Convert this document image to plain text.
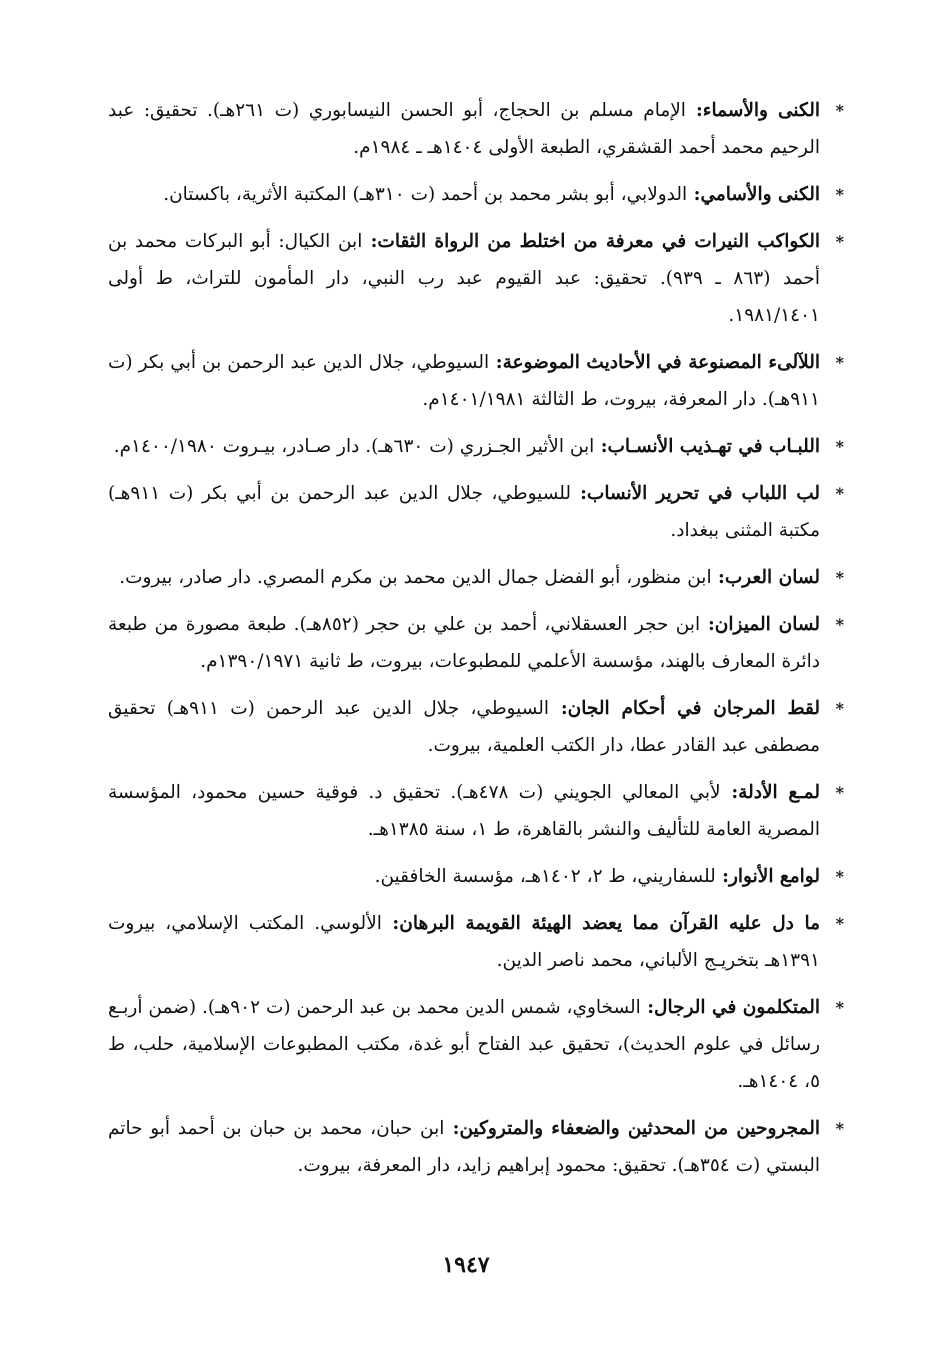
*
الكنى والأسماء: الإمام مسلم بن الحجاج، أبو الحسن النيسابوري (ت ٢٦١هـ). تحقيق: عبد الرحيم محمد أحمد القشقري، الطبعة الأولى ١٤٠٤هـ ـ ١٩٨٤م.
*
الكنى والأسامي: الدولابي، أبو بشر محمد بن أحمد (ت ٣١٠هـ) المكتبة الأثرية، باكستان.
*
الكواكب النيرات في معرفة من اختلط من الرواة الثقات: ابن الكيال: أبو البركات محمد بن أحمد (٨٦٣ ـ ٩٣٩). تحقيق: عبد القيوم عبد رب النبي، دار المأمون للتراث، ط أولى ١٩٨١/١٤٠١.
*
اللآلىء المصنوعة في الأحاديث الموضوعة: السيوطي، جلال الدين عبد الرحمن بن أبي بكر (ت ٩١١هـ). دار المعرفة، بيروت، ط الثالثة ١٤٠١/١٩٨١م.
*
اللبـاب في تهـذيب الأنسـاب: ابن الأثير الجـزري (ت ٦٣٠هـ). دار صـادر، بيـروت ١٤٠٠/١٩٨٠م.
*
لب اللباب في تحرير الأنساب: للسيوطي، جلال الدين عبد الرحمن بن أبي بكر (ت ٩١١هـ) مكتبة المثنى ببغداد.
*
لسان العرب: ابن منظور، أبو الفضل جمال الدين محمد بن مكرم المصري. دار صادر، بيروت.
*
لسان الميزان: ابن حجر العسقلاني، أحمد بن علي بن حجر (٨٥٢هـ). طبعة مصورة من طبعة دائرة المعارف بالهند، مؤسسة الأعلمي للمطبوعات، بيروت، ط ثانية ١٣٩٠/١٩٧١م.
*
لقط المرجان في أحكام الجان: السيوطي، جلال الدين عبد الرحمن (ت ٩١١هـ) تحقيق مصطفى عبد القادر عطا، دار الكتب العلمية، بيروت.
*
لمـع الأدلة: لأبي المعالي الجويني (ت ٤٧٨هـ). تحقيق د. فوقية حسين محمود، المؤسسة المصرية العامة للتأليف والنشر بالقاهرة، ط ١، سنة ١٣٨٥هـ.
*
لوامع الأنوار: للسفاريني، ط ٢، ١٤٠٢هـ، مؤسسة الخافقين.
*
ما دل عليه القرآن مما يعضد الهيئة القويمة البرهان: الألوسي. المكتب الإسلامي، بيروت ١٣٩١هـ بتخريـج الألباني، محمد ناصر الدين.
*
المتكلمون في الرجال: السخاوي، شمس الدين محمد بن عبد الرحمن (ت ٩٠٢هـ). (ضمن أربـع رسائل في علوم الحديث)، تحقيق عبد الفتاح أبو غدة، مكتب المطبوعات الإسلامية، حلب، ط ٥، ١٤٠٤هـ.
*
المجروحين من المحدثين والضعفاء والمتروكين: ابن حبان، محمد بن حبان بن أحمد أبو حاتم البستي (ت ٣٥٤هـ). تحقيق: محمود إبراهيم زايد، دار المعرفة، بيروت.
١٩٤٧
